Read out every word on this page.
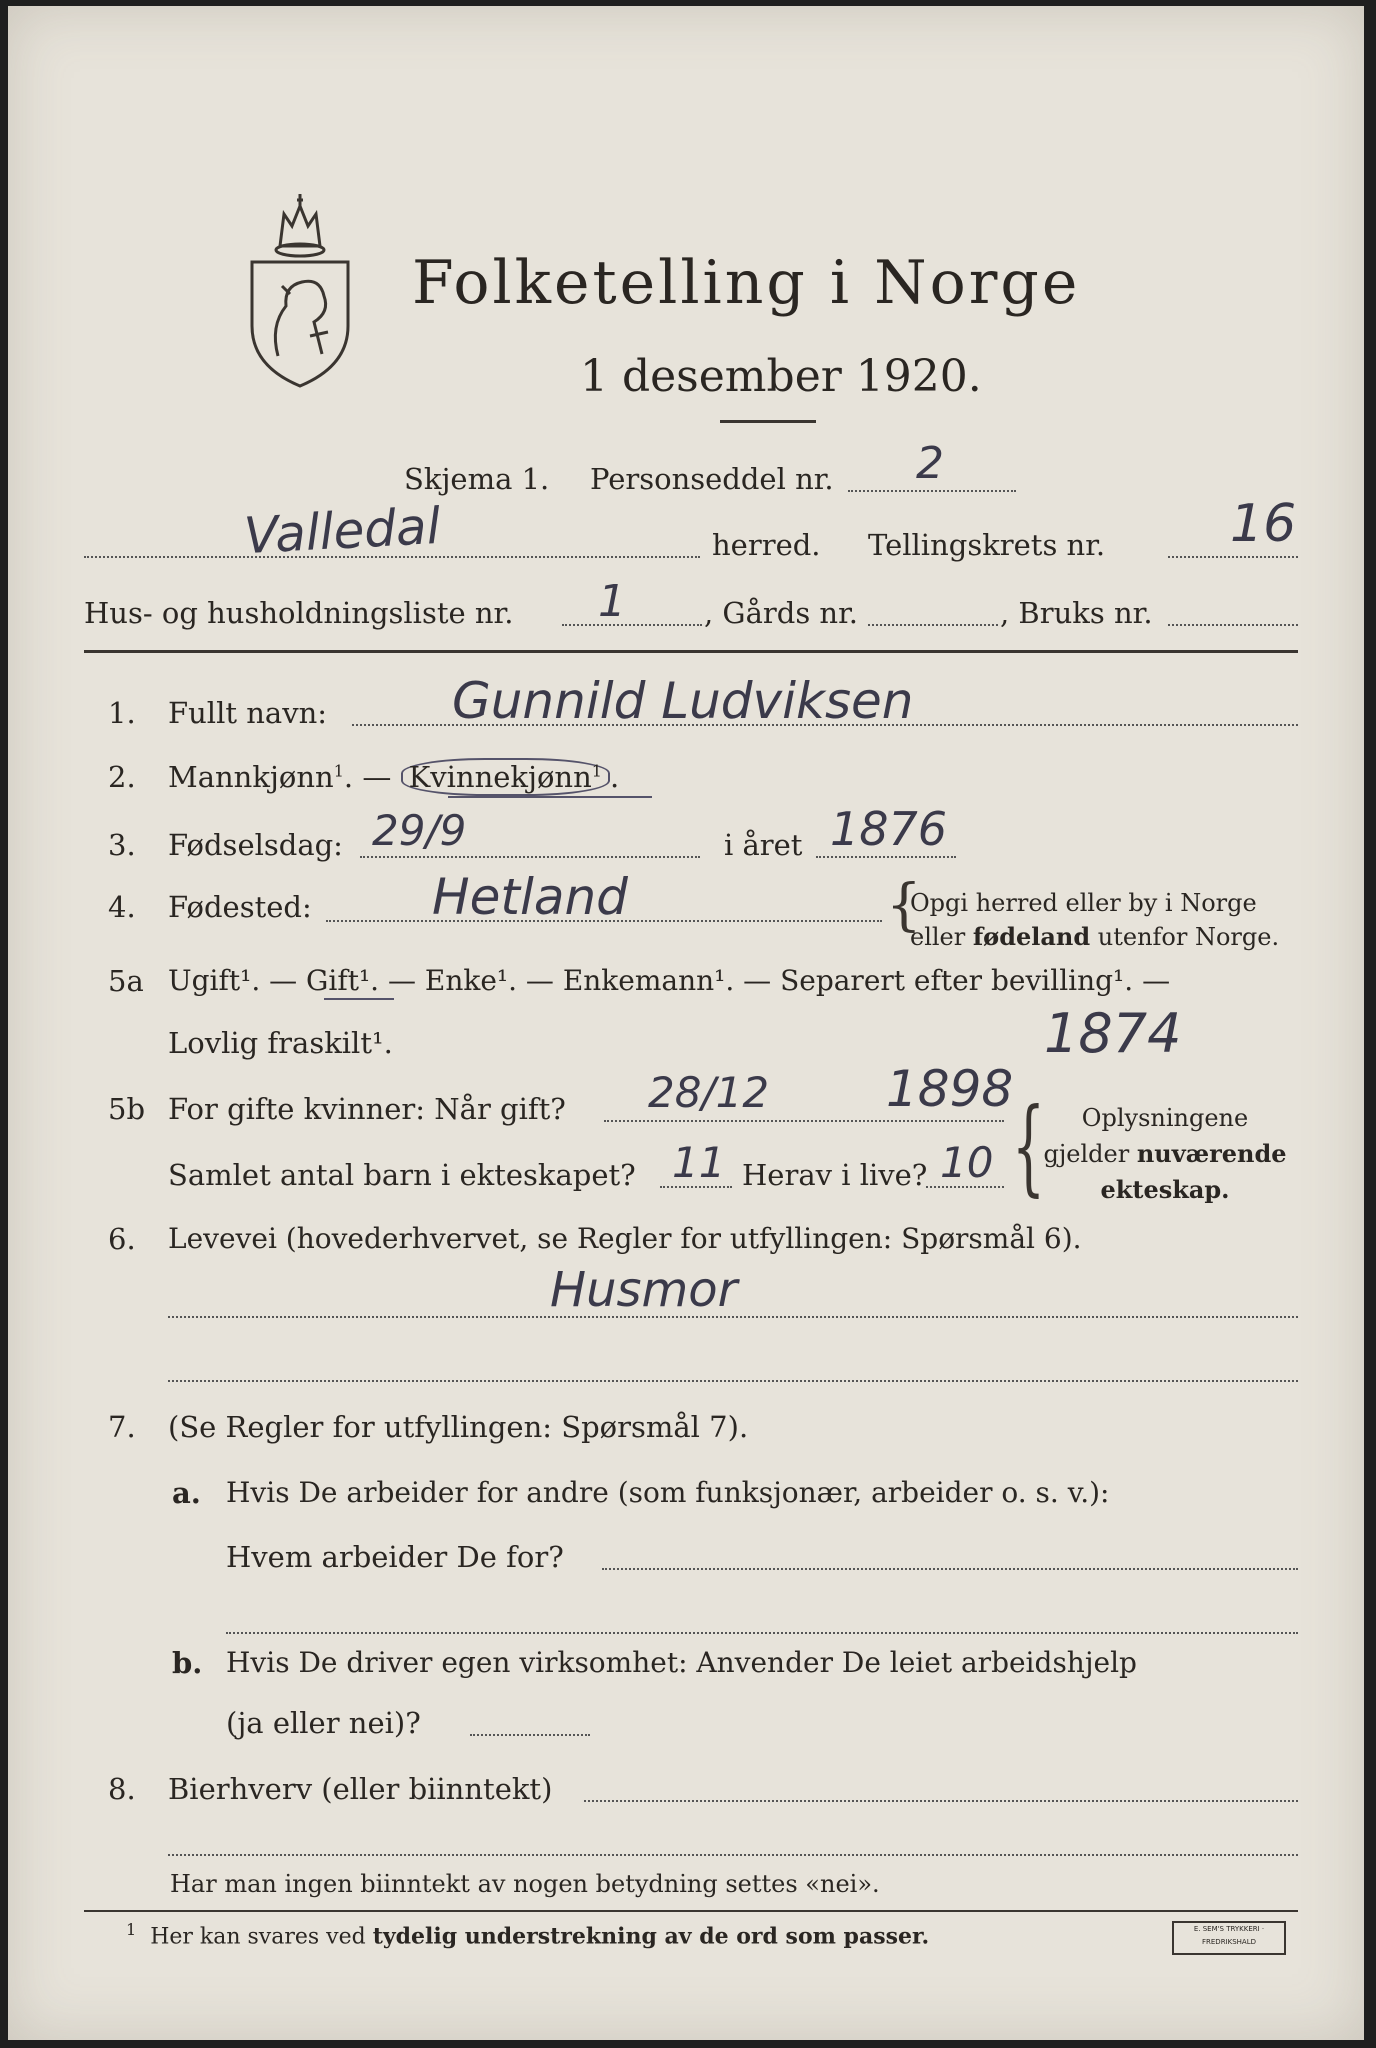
Folketelling i Norge
1 desember 1920.
Skjema 1. Personseddel nr. 2
Valledal	herred. Tellingskrets nr. 16
Hus- og husholdningsliste nr. 1	, Gårds nr.	, Bruks nr.
1. Fullt navn: Gunnild Ludviksen
2. Mannkjønn$^1$. — Kvinnekjønn$^1$ .
3. Fødselsdag: 29/9	i året 1876
4. Fødested: Hetland	{
Opgi herred eller by i Norge
eller fødeland utenfor Norge.
5a Ugift¹. — Gift¹. — Enke¹. — Enkemann¹. — Separert efter bevilling¹. —
Lovlig fraskilt¹.	1874
5b For gifte kvinner: Når gift? 28/12 1898
Samlet antal barn i ekteskapet? 11 Herav i live? 10 {	Oplysningene
gjelder nuværende
ekteskap.
6. Levevei (hovederhvervet, se Regler for utfyllingen: Spørsmål 6).
Husmor
7. (Se Regler for utfyllingen: Spørsmål 7).
a. Hvis De arbeider for andre (som funksjonær, arbeider o. s. v.):
Hvem arbeider De for?
b. Hvis De driver egen virksomhet: Anvender De leiet arbeidshjelp
(ja eller nei)?
8. Bierhverv (eller biinntekt)
Har man ingen biinntekt av nogen betydning settes «nei».
$^1$ Her kan svares ved tydelig understrekning av de ord som passer.	E. SEM'S TRYKKERI · FREDRIKSHALD
